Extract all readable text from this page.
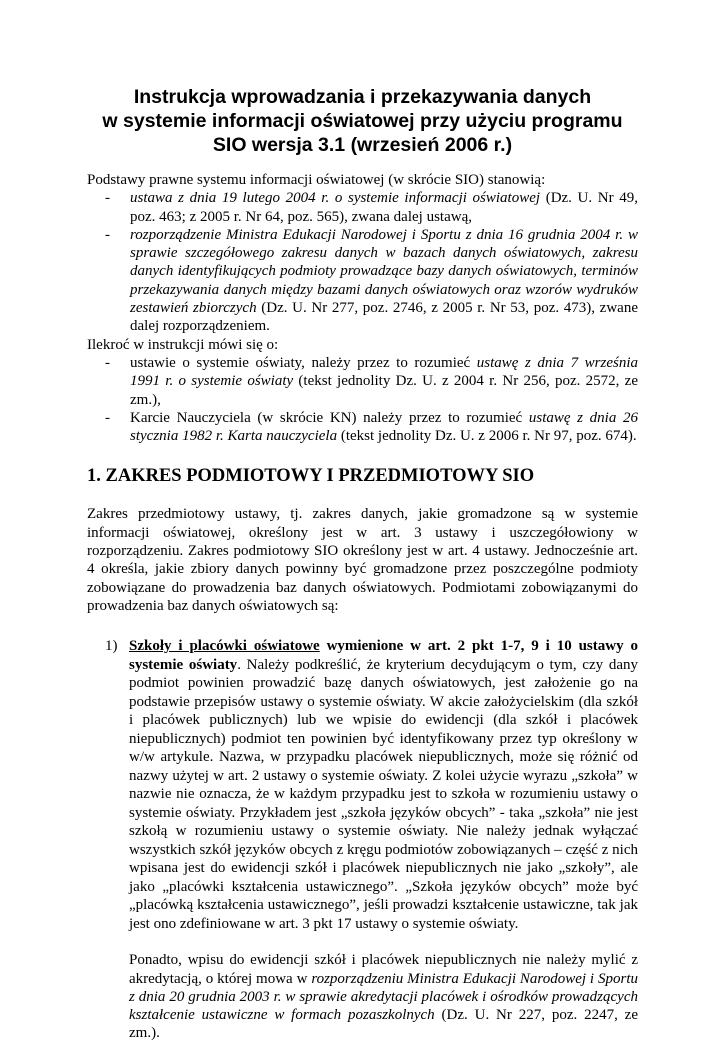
Instrukcja wprowadzania i przekazywania danych
w systemie informacji oświatowej przy użyciu programu
SIO wersja 3.1 (wrzesień 2006 r.)

Podstawy prawne systemu informacji oświatowej (w skrócie SIO) stanowią:

- ustawa z dnia 19 lutego 2004 r. o systemie informacji oświatowej (Dz. U. Nr 49, poz. 463; z 2005 r. Nr 64, poz. 565), zwana dalej ustawą,
- rozporządzenie Ministra Edukacji Narodowej i Sportu z dnia 16 grudnia 2004 r. w sprawie szczegółowego zakresu danych w bazach danych oświatowych, zakresu danych identyfikujących podmioty prowadzące bazy danych oświatowych, terminów przekazywania danych między bazami danych oświatowych oraz wzorów wydruków zestawień zbiorczych (Dz. U. Nr 277, poz. 2746, z 2005 r. Nr 53, poz. 473), zwane dalej rozporządzeniem.

Ilekroć w instrukcji mówi się o:

- ustawie o systemie oświaty, należy przez to rozumieć ustawę z dnia 7 września 1991 r. o systemie oświaty (tekst jednolity Dz. U. z 2004 r. Nr 256, poz. 2572, ze zm.),
- Karcie Nauczyciela (w skrócie KN) należy przez to rozumieć ustawę z dnia 26 stycznia 1982 r. Karta nauczyciela (tekst jednolity Dz. U. z 2006 r. Nr 97, poz. 674).
1. ZAKRES PODMIOTOWY I PRZEDMIOTOWY SIO

Zakres przedmiotowy ustawy, tj. zakres danych, jakie gromadzone są w systemie informacji oświatowej, określony jest w art. 3 ustawy i uszczegółowiony w rozporządzeniu. Zakres podmiotowy SIO określony jest w art. 4 ustawy. Jednocześnie art. 4 określa, jakie zbiory danych powinny być gromadzone przez poszczególne podmioty zobowiązane do prowadzenia baz danych oświatowych. Podmiotami zobowiązanymi do prowadzenia baz danych oświatowych są:

1) Szkoły i placówki oświatowe wymienione w art. 2 pkt 1-7, 9 i 10 ustawy o systemie oświaty. Należy podkreślić, że kryterium decydującym o tym, czy dany podmiot powinien prowadzić bazę danych oświatowych, jest założenie go na podstawie przepisów ustawy o systemie oświaty. W akcie założycielskim (dla szkół i placówek publicznych) lub we wpisie do ewidencji (dla szkół i placówek niepublicznych) podmiot ten powinien być identyfikowany przez typ określony w w/w artykule. Nazwa, w przypadku placówek niepublicznych, może się różnić od nazwy użytej w art. 2 ustawy o systemie oświaty. Z kolei użycie wyrazu „szkoła” w nazwie nie oznacza, że w każdym przypadku jest to szkoła w rozumieniu ustawy o systemie oświaty. Przykładem jest „szkoła języków obcych” - taka „szkoła” nie jest szkołą w rozumieniu ustawy o systemie oświaty. Nie należy jednak wyłączać wszystkich szkół języków obcych z kręgu podmiotów zobowiązanych – część z nich wpisana jest do ewidencji szkół i placówek niepublicznych nie jako „szkoły”, ale jako „placówki kształcenia ustawicznego”. „Szkoła języków obcych” może być „placówką kształcenia ustawicznego”, jeśli prowadzi kształcenie ustawiczne, tak jak jest ono zdefiniowane w art. 3 pkt 17 ustawy o systemie oświaty.

Ponadto, wpisu do ewidencji szkół i placówek niepublicznych nie należy mylić z akredytacją, o której mowa w rozporządzeniu Ministra Edukacji Narodowej i Sportu z dnia 20 grudnia 2003 r. w sprawie akredytacji placówek i ośrodków prowadzących kształcenie ustawiczne w formach pozaszkolnych (Dz. U. Nr 227, poz. 2247, ze zm.).
